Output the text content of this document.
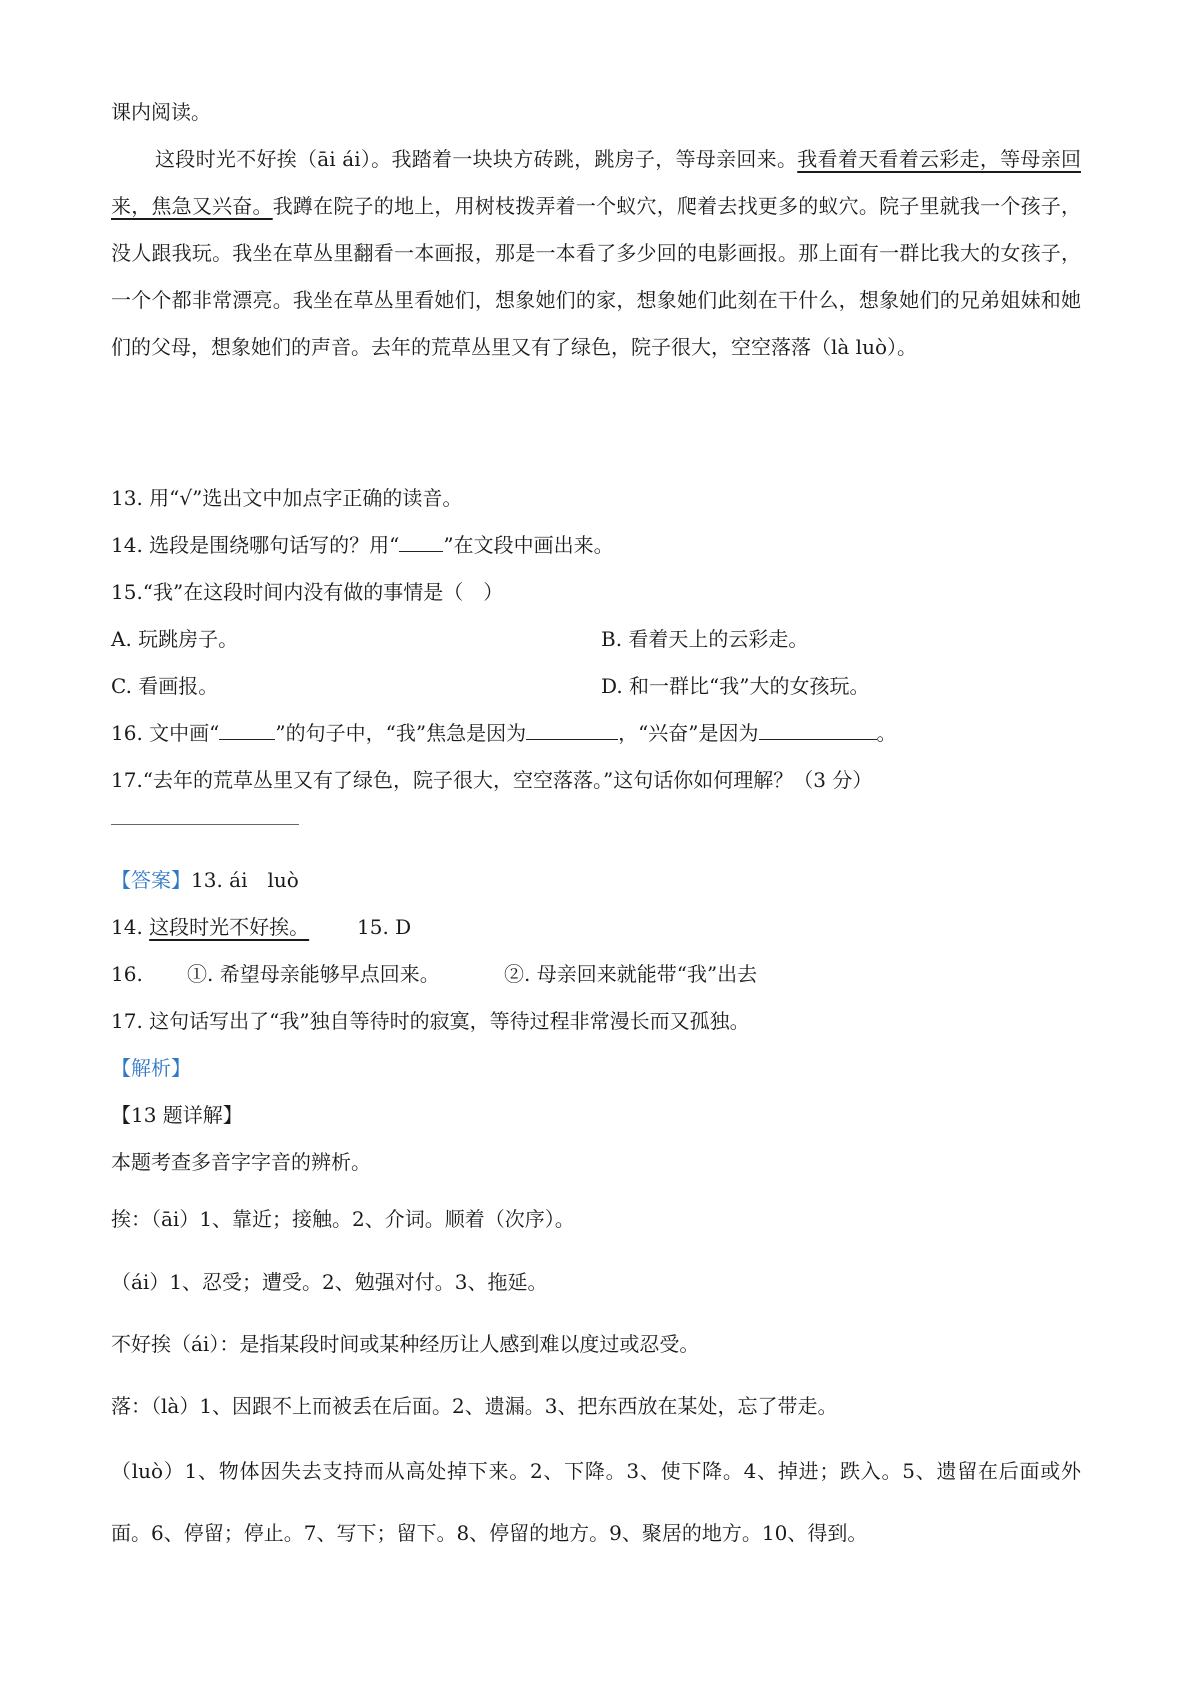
课内阅读。
这段时光不好挨（āi ái）。我踏着一块块方砖跳，跳房子，等母亲回来。我看着天看着云彩走，等母亲回来，焦急又兴奋。我蹲在院子的地上，用树枝拨弄着一个蚁穴，爬着去找更多的蚁穴。院子里就我一个孩子，没人跟我玩。我坐在草丛里翻看一本画报，那是一本看了多少回的电影画报。那上面有一群比我大的女孩子，一个个都非常漂亮。我坐在草丛里看她们，想象她们的家，想象她们此刻在干什么，想象她们的兄弟姐妹和她们的父母，想象她们的声音。去年的荒草丛里又有了绿色，院子很大，空空落落（là luò）。
13. 用“√”选出文中加点字正确的读音。
14. 选段是围绕哪句话写的？用“ ”在文段中画出来。
15.“我”在这段时间内没有做的事情是（　）
A. 玩跳房子。	B. 看着天上的云彩走。
C. 看画报。	D. 和一群比“我”大的女孩玩。
16. 文中画“	”的句子中，“我”焦急是因为	，“兴奋”是因为	。
17.“去年的荒草丛里又有了绿色，院子很大，空空落落。”这句话你如何理解？（3 分）
【答案】13. ái　luò
14. 这段时光不好挨。 15. D
16. ①. 希望母亲能够早点回来。	②. 母亲回来就能带“我”出去
17. 这句话写出了“我”独自等待时的寂寞，等待过程非常漫长而又孤独。
【解析】
【13 题详解】
本题考查多音字字音的辨析。
挨：（āi）1、靠近；接触。2、介词。顺着（次序）。
（ái）1、忍受；遭受。2、勉强对付。3、拖延。
不好挨（ái）：是指某段时间或某种经历让人感到难以度过或忍受。
落：（là）1、因跟不上而被丢在后面。2、遗漏。3、把东西放在某处，忘了带走。
（luò）1、物体因失去支持而从高处掉下来。2、下降。3、使下降。4、掉进；跌入。5、遗留在后面或外面。6、停留；停止。7、写下；留下。8、停留的地方。9、聚居的地方。10、得到。
